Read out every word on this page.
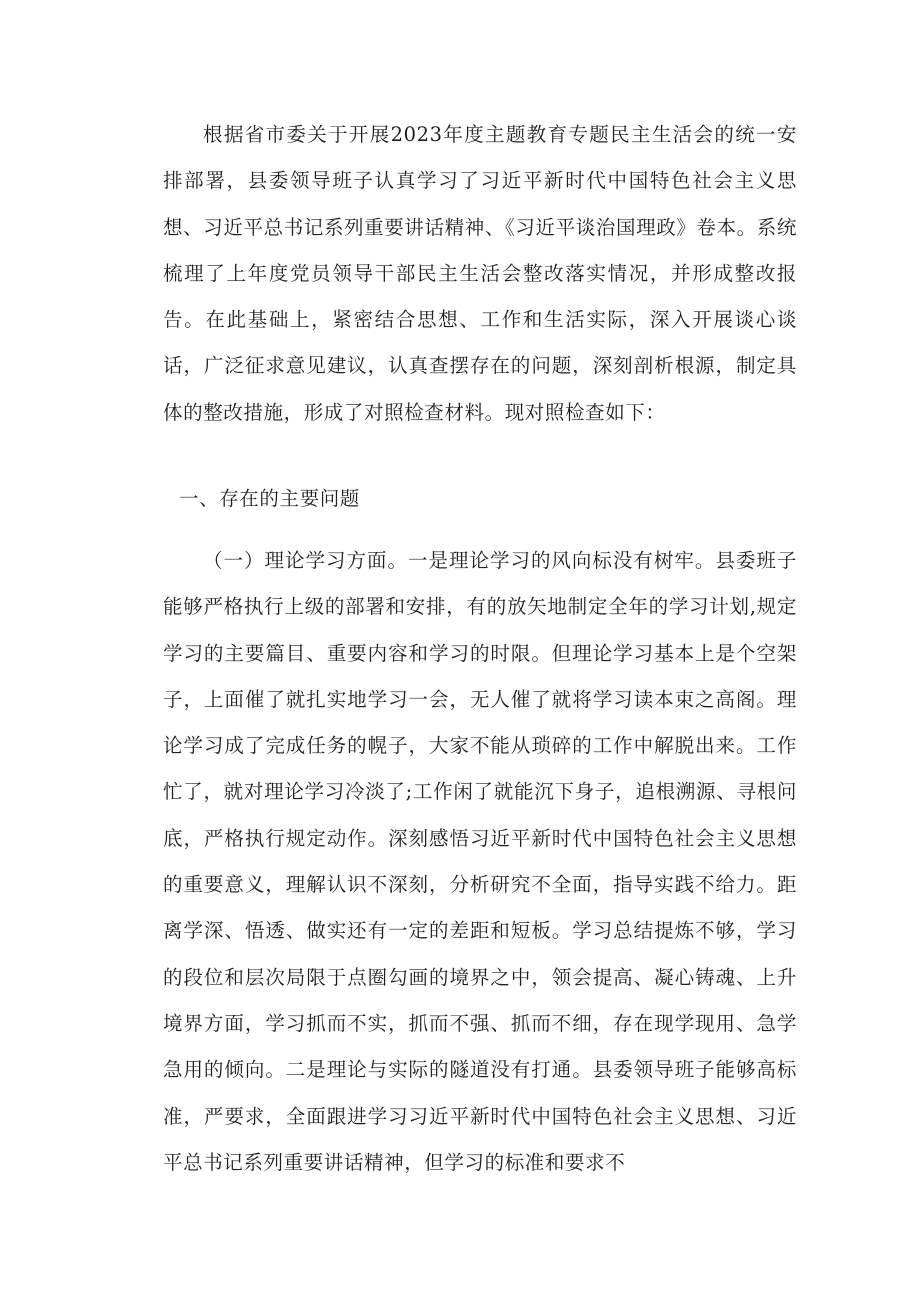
根据省市委关于开展2023年度主题教育专题民主生活会的统一安排部署，县委领导班子认真学习了习近平新时代中国特色社会主义思想、习近平总书记系列重要讲话精神、《习近平谈治国理政》卷本。系统梳理了上年度党员领导干部民主生活会整改落实情况，并形成整改报告。在此基础上，紧密结合思想、工作和生活实际，深入开展谈心谈话，广泛征求意见建议，认真查摆存在的问题，深刻剖析根源，制定具体的整改措施，形成了对照检查材料。现对照检查如下：

一、存在的主要问题

（一）理论学习方面。一是理论学习的风向标没有树牢。县委班子能够严格执行上级的部署和安排，有的放矢地制定全年的学习计划,规定学习的主要篇目、重要内容和学习的时限。但理论学习基本上是个空架子，上面催了就扎实地学习一会，无人催了就将学习读本束之高阁。理论学习成了完成任务的幌子，大家不能从琐碎的工作中解脱出来。工作忙了，就对理论学习冷淡了;工作闲了就能沉下身子，追根溯源、寻根问底，严格执行规定动作。深刻感悟习近平新时代中国特色社会主义思想的重要意义，理解认识不深刻，分析研究不全面，指导实践不给力。距离学深、悟透、做实还有一定的差距和短板。学习总结提炼不够，学习的段位和层次局限于点圈勾画的境界之中，领会提高、凝心铸魂、上升境界方面，学习抓而不实，抓而不强、抓而不细，存在现学现用、急学急用的倾向。二是理论与实际的隧道没有打通。县委领导班子能够高标准，严要求，全面跟进学习习近平新时代中国特色社会主义思想、习近平总书记系列重要讲话精神，但学习的标准和要求不
